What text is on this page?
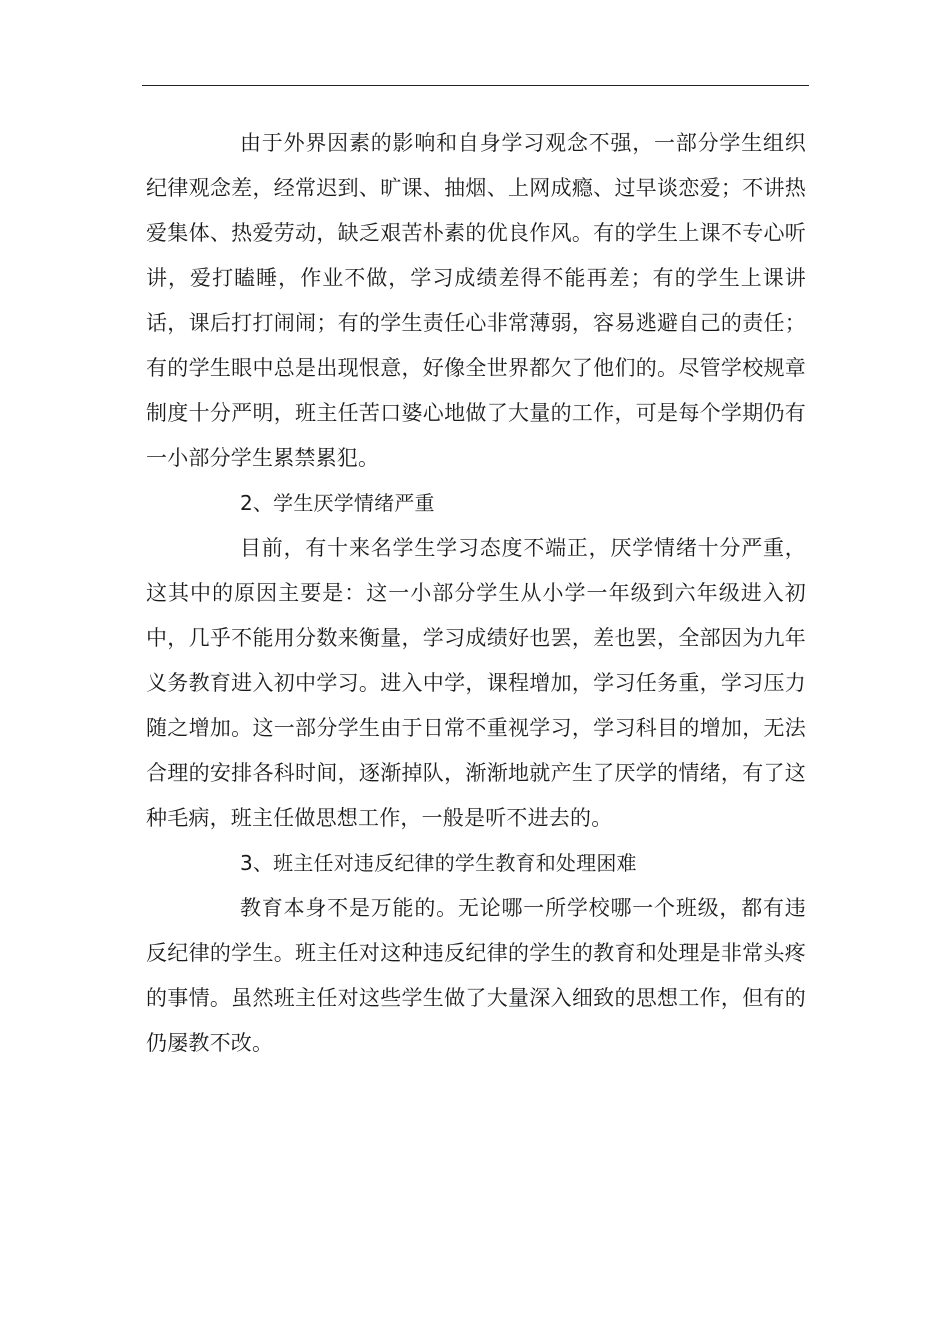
由于外界因素的影响和自身学习观念不强，一部分学生组织纪律观念差，经常迟到、旷课、抽烟、上网成瘾、过早谈恋爱；不讲热爱集体、热爱劳动，缺乏艰苦朴素的优良作风。有的学生上课不专心听讲，爱打瞌睡，作业不做，学习成绩差得不能再差；有的学生上课讲话，课后打打闹闹；有的学生责任心非常薄弱，容易逃避自己的责任；有的学生眼中总是出现恨意，好像全世界都欠了他们的。尽管学校规章制度十分严明，班主任苦口婆心地做了大量的工作，可是每个学期仍有一小部分学生累禁累犯。

2、学生厌学情绪严重

目前，有十来名学生学习态度不端正，厌学情绪十分严重，这其中的原因主要是：这一小部分学生从小学一年级到六年级进入初中，几乎不能用分数来衡量，学习成绩好也罢，差也罢，全部因为九年义务教育进入初中学习。进入中学，课程增加，学习任务重，学习压力随之增加。这一部分学生由于日常不重视学习，学习科目的增加，无法合理的安排各科时间，逐渐掉队，渐渐地就产生了厌学的情绪，有了这种毛病，班主任做思想工作，一般是听不进去的。

3、班主任对违反纪律的学生教育和处理困难

教育本身不是万能的。无论哪一所学校哪一个班级，都有违反纪律的学生。班主任对这种违反纪律的学生的教育和处理是非常头疼的事情。虽然班主任对这些学生做了大量深入细致的思想工作，但有的仍屡教不改。
